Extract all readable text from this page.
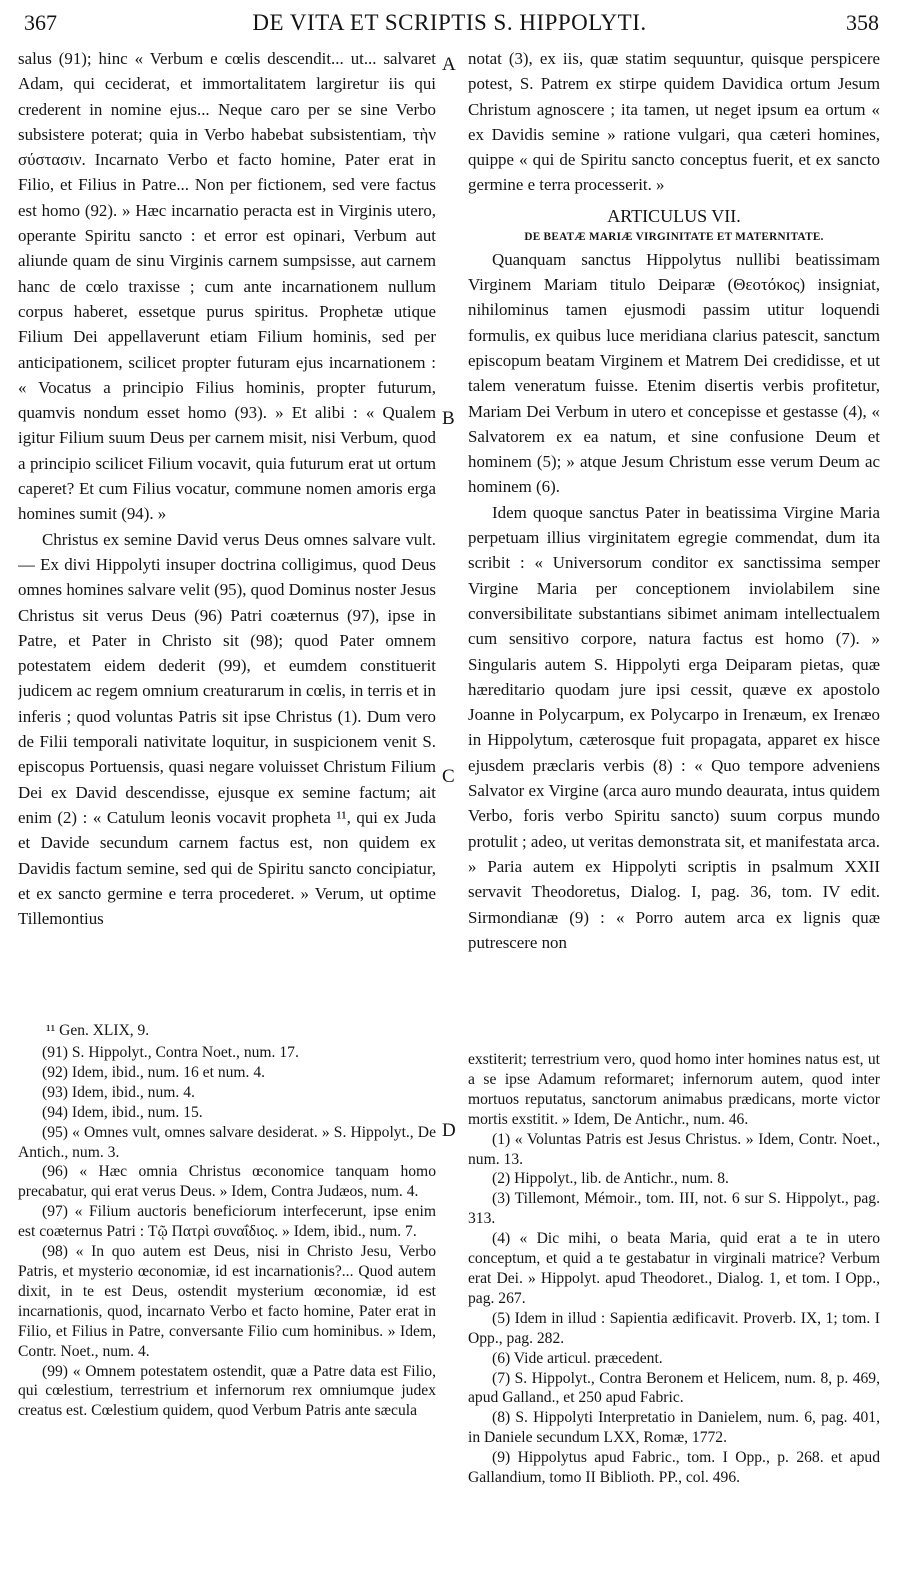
367	DE VITA ET SCRIPTIS S. HIPPOLYTI.	358
A
B
C
D

salus (91); hinc « Verbum e cœlis descendit... ut... salvaret Adam, qui ceciderat, et immortalitatem largiretur iis qui crederent in nomine ejus... Neque caro per se sine Verbo subsistere poterat; quia in Verbo habebat subsistentiam, τὴν σύστασιν. Incarnato Verbo et facto homine, Pater erat in Filio, et Filius in Patre... Non per fictionem, sed vere factus est homo (92). » Hæc incarnatio peracta est in Virginis utero, operante Spiritu sancto : et error est opinari, Verbum aut aliunde quam de sinu Virginis carnem sumpsisse, aut carnem hanc de cœlo traxisse ; cum ante incarnationem nullum corpus haberet, essetque purus spiritus. Prophetæ utique Filium Dei appellaverunt etiam Filium hominis, sed per anticipationem, scilicet propter futuram ejus incarnationem : « Vocatus a principio Filius hominis, propter futurum, quamvis nondum esset homo (93). » Et alibi : « Qualem igitur Filium suum Deus per carnem misit, nisi Verbum, quod a principio scilicet Filium vocavit, quia futurum erat ut ortum caperet? Et cum Filius vocatur, commune nomen amoris erga homines sumit (94). »

Christus ex semine David verus Deus omnes salvare vult. — Ex divi Hippolyti insuper doctrina colligimus, quod Deus omnes homines salvare velit (95), quod Dominus noster Jesus Christus sit verus Deus (96) Patri coæternus (97), ipse in Patre, et Pater in Christo sit (98); quod Pater omnem potestatem eidem dederit (99), et eumdem constituerit judicem ac regem omnium creaturarum in cœlis, in terris et in inferis ; quod voluntas Patris sit ipse Christus (1). Dum vero de Filii temporali nativitate loquitur, in suspicionem venit S. episcopus Portuensis, quasi negare voluisset Christum Filium Dei ex David descendisse, ejusque ex semine factum; ait enim (2) : « Catulum leonis vocavit propheta ¹¹, qui ex Juda et Davide secundum carnem factus est, non quidem ex Davidis factum semine, sed qui de Spiritu sancto concipiatur, et ex sancto germine e terra procederet. » Verum, ut optime Tillemontius

¹¹ Gen. XLIX, 9.

notat (3), ex iis, quæ statim sequuntur, quisque perspicere potest, S. Patrem ex stirpe quidem Davidica ortum Jesum Christum agnoscere ; ita tamen, ut neget ipsum ea ortum « ex Davidis semine » ratione vulgari, qua cæteri homines, quippe « qui de Spiritu sancto conceptus fuerit, et ex sancto germine e terra processerit. »

ARTICULUS VII.
DE BEATÆ MARIÆ VIRGINITATE ET MATERNITATE.

Quanquam sanctus Hippolytus nullibi beatissimam Virginem Mariam titulo Deiparæ (Θεοτόκος) insigniat, nihilominus tamen ejusmodi passim utitur loquendi formulis, ex quibus luce meridiana clarius patescit, sanctum episcopum beatam Virginem et Matrem Dei credidisse, et ut talem veneratum fuisse. Etenim disertis verbis profitetur, Mariam Dei Verbum in utero et concepisse et gestasse (4), « Salvatorem ex ea natum, et sine confusione Deum et hominem (5); » atque Jesum Christum esse verum Deum ac hominem (6).

Idem quoque sanctus Pater in beatissima Virgine Maria perpetuam illius virginitatem egregie commendat, dum ita scribit : « Universorum conditor ex sanctissima semper Virgine Maria per conceptionem inviolabilem sine conversibilitate substantians sibimet animam intellectualem cum sensitivo corpore, natura factus est homo (7). » Singularis autem S. Hippolyti erga Deiparam pietas, quæ hæreditario quodam jure ipsi cessit, quæve ex apostolo Joanne in Polycarpum, ex Polycarpo in Irenæum, ex Irenæo in Hippolytum, cæterosque fuit propagata, apparet ex hisce ejusdem præclaris verbis (8) : « Quo tempore adveniens Salvator ex Virgine (arca auro mundo deaurata, intus quidem Verbo, foris verbo Spiritu sancto) suum corpus mundo protulit ; adeo, ut veritas demonstrata sit, et manifestata arca. » Paria autem ex Hippolyti scriptis in psalmum XXII servavit Theodoretus, Dialog. I, pag. 36, tom. IV edit. Sirmondianæ (9) : « Porro autem arca ex lignis quæ putrescere non

(91) S. Hippolyt., Contra Noet., num. 17.

(92) Idem, ibid., num. 16 et num. 4.

(93) Idem, ibid., num. 4.

(94) Idem, ibid., num. 15.

(95) « Omnes vult, omnes salvare desiderat. » S. Hippolyt., De Antich., num. 3.

(96) « Hæc omnia Christus œconomice tanquam homo precabatur, qui erat verus Deus. » Idem, Contra Judæos, num. 4.

(97) « Filium auctoris beneficiorum interfecerunt, ipse enim est coæternus Patri : Τῷ Πατρὶ συναΐδιος. » Idem, ibid., num. 7.

(98) « In quo autem est Deus, nisi in Christo Jesu, Verbo Patris, et mysterio œconomiæ, id est incarnationis?... Quod autem dixit, in te est Deus, ostendit mysterium œconomiæ, id est incarnationis, quod, incarnato Verbo et facto homine, Pater erat in Filio, et Filius in Patre, conversante Filio cum hominibus. » Idem, Contr. Noet., num. 4.

(99) « Omnem potestatem ostendit, quæ a Patre data est Filio, qui cœlestium, terrestrium et infernorum rex omniumque judex creatus est. Cœlestium quidem, quod Verbum Patris ante sæcula

exstiterit; terrestrium vero, quod homo inter homines natus est, ut a se ipse Adamum reformaret; infernorum autem, quod inter mortuos reputatus, sanctorum animabus prædicans, morte victor mortis exstitit. » Idem, De Antichr., num. 46.

(1) « Voluntas Patris est Jesus Christus. » Idem, Contr. Noet., num. 13.

(2) Hippolyt., lib. de Antichr., num. 8.

(3) Tillemont, Mémoir., tom. III, not. 6 sur S. Hippolyt., pag. 313.

(4) « Dic mihi, o beata Maria, quid erat a te in utero conceptum, et quid a te gestabatur in virginali matrice? Verbum erat Dei. » Hippolyt. apud Theodoret., Dialog. 1, et tom. I Opp., pag. 267.

(5) Idem in illud : Sapientia ædificavit. Proverb. IX, 1; tom. I Opp., pag. 282.

(6) Vide articul. præcedent.

(7) S. Hippolyt., Contra Beronem et Helicem, num. 8, p. 469, apud Galland., et 250 apud Fabric.

(8) S. Hippolyti Interpretatio in Danielem, num. 6, pag. 401, in Daniele secundum LXX, Romæ, 1772.

(9) Hippolytus apud Fabric., tom. I Opp., p. 268. et apud Gallandium, tomo II Biblioth. PP., col. 496.
